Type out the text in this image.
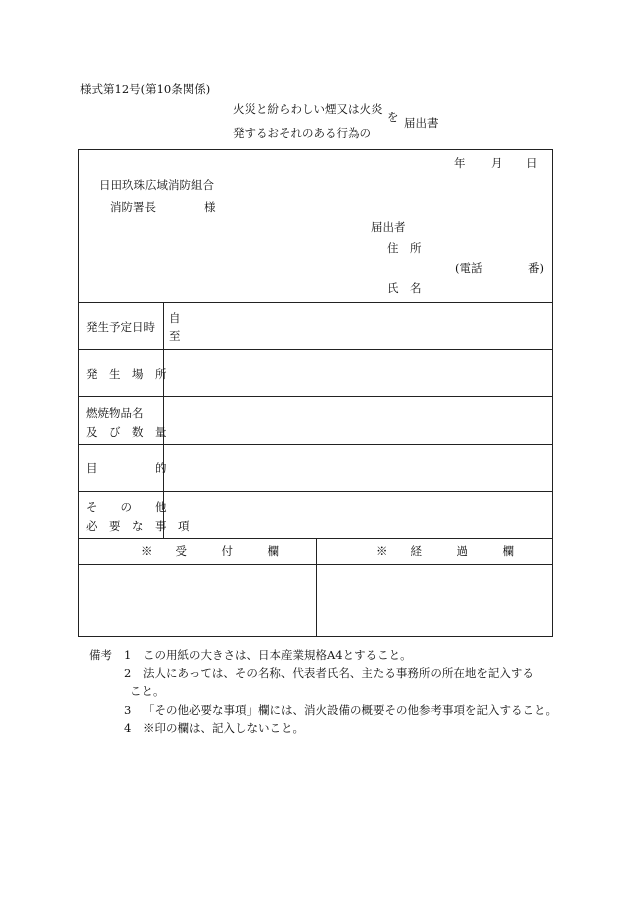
様式第12号(第10条関係)
火災と紛らわしい煙又は火炎
を
発するおそれのある行為の
届出書
年 月 日
日田玖珠広域消防組合
消防署長	様
届出者
住　所
(電話	番)
氏　名
発生予定日時
自
至
発　生　場　所
燃焼物品名
及　び　数　量
目　　　　　的
そ　　の　　他
必　要　な　事　項
※　　受　　　付　　　欄	※　　経　　　過　　　欄
備考 1 この用紙の大きさは、日本産業規格A4とすること。
2 法人にあっては、その名称、代表者氏名、主たる事務所の所在地を記入する
こと。
3 「その他必要な事項」欄には、消火設備の概要その他参考事項を記入すること。
4 ※印の欄は、記入しないこと。
